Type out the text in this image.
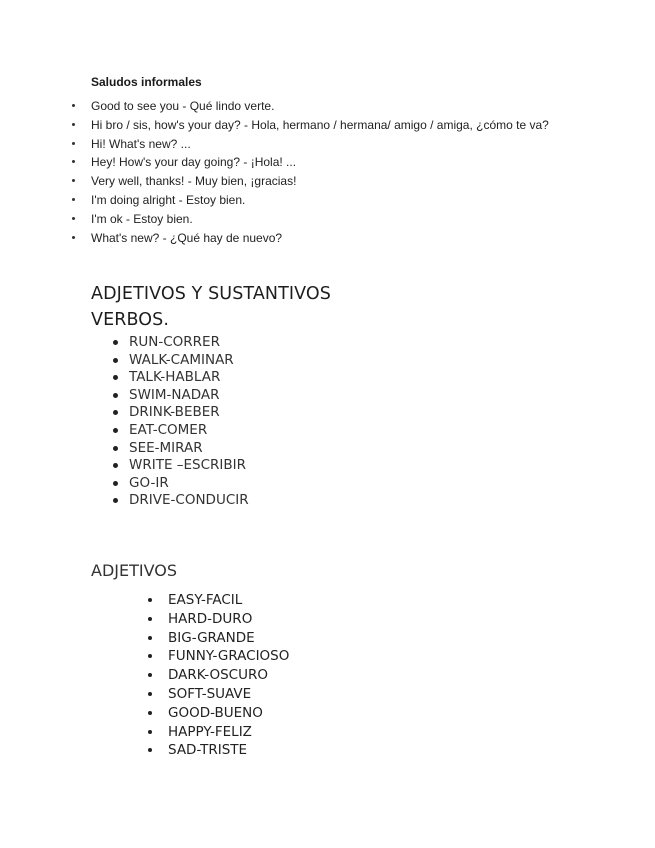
Saludos informales
Good to see you - Qué lindo verte.
Hi bro / sis, how's your day? - Hola, hermano / hermana/ amigo / amiga, ¿cómo te va?
Hi! What's new? ...
Hey! How's your day going? - ¡Hola! ...
Very well, thanks! - Muy bien, ¡gracias!
I'm doing alright - Estoy bien.
I'm ok - Estoy bien.
What's new? - ¿Qué hay de nuevo?
ADJETIVOS Y SUSTANTIVOS
VERBOS.
RUN-CORRER
WALK-CAMINAR
TALK-HABLAR
SWIM-NADAR
DRINK-BEBER
EAT-COMER
SEE-MIRAR
WRITE –ESCRIBIR
GO-IR
DRIVE-CONDUCIR
ADJETIVOS
EASY-FACIL
HARD-DURO
BIG-GRANDE
FUNNY-GRACIOSO
DARK-OSCURO
SOFT-SUAVE
GOOD-BUENO
HAPPY-FELIZ
SAD-TRISTE
